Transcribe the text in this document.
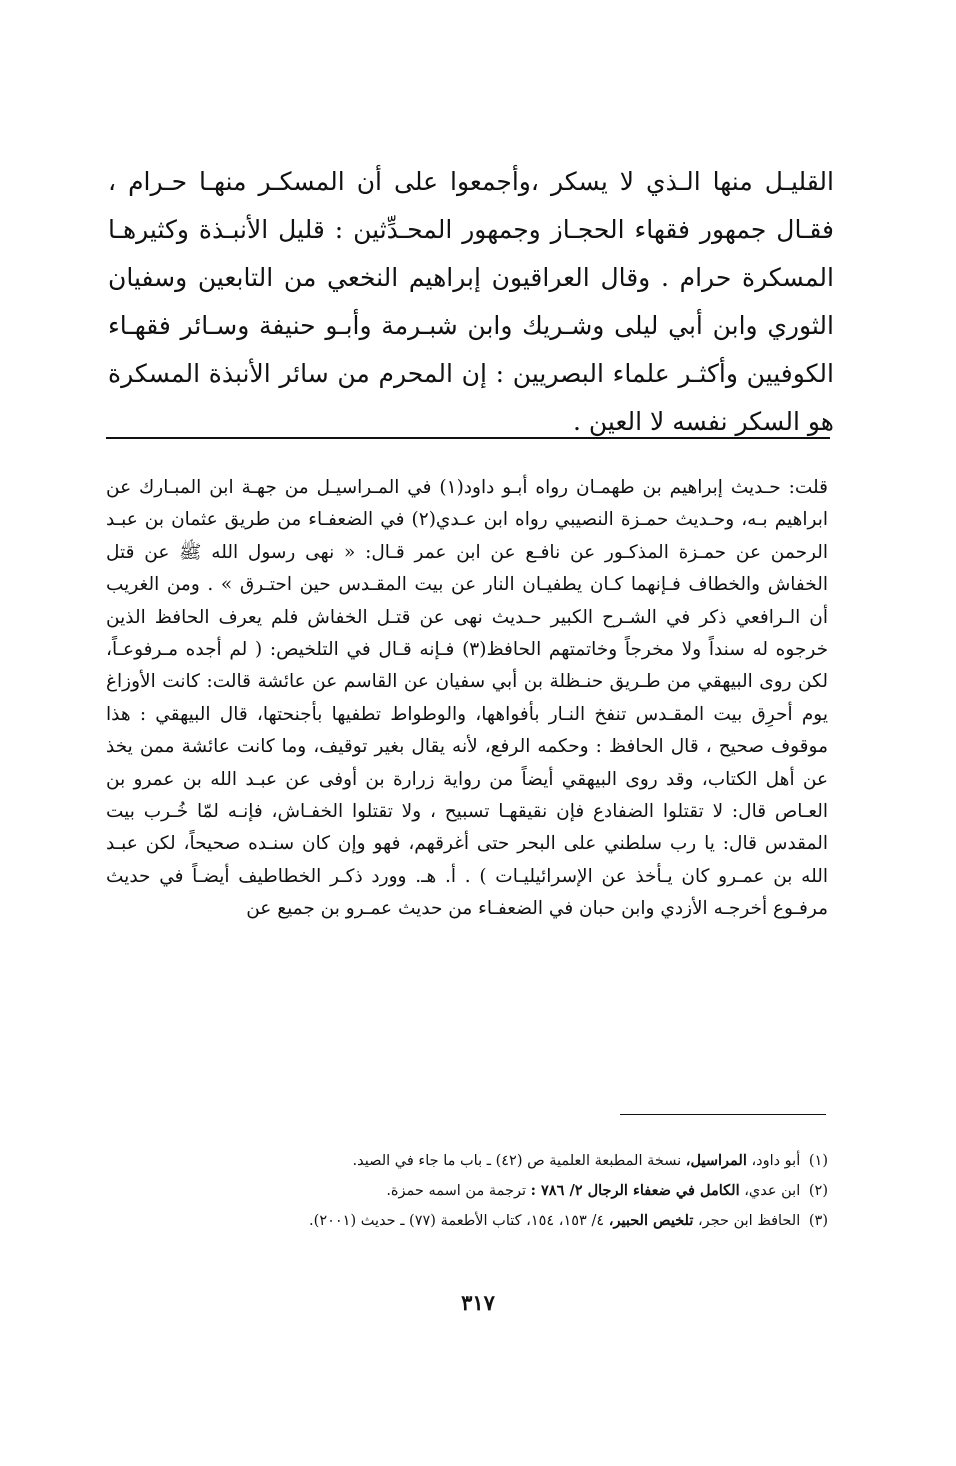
القليـل منها الـذي لا يسكر ،وأجمعوا على أن المسكـر منهـا حـرام ، فقـال جمهور فقهاء الحجـاز وجمهور المحـدِّثين : قليل الأنبـذة وكثيرهـا المسكرة حرام . وقال العراقيون إبراهيم النخعي من التابعين وسفيان الثوري وابن أبي ليلى وشـريك وابن شبـرمة وأبـو حنيفة وسـائر فقهـاء الكوفيين وأكثـر علماء البصريين : إن المحرم من سائر الأنبذة المسكرة هو السكر نفسه لا العين .

قلت: حـديث إبراهيم بن طهمـان رواه أبـو داود(١) في المـراسيـل من جهـة ابن المبـارك عن ابراهيم بـه، وحـديث حمـزة النصيبي رواه ابن عـدي(٢) في الضعفـاء من طريق عثمان بن عبـد الرحمن عن حمـزة المذكـور عن نافـع عن ابن عمر قـال: « نهى رسول الله ﷺ عن قتل الخفاش والخطاف فـإنهما كـان يطفيـان النار عن بيت المقـدس حين احتـرق » . ومن الغريب أن الـرافعي ذكر في الشـرح الكبير حـديث نهى عن قتـل الخفاش فلم يعرف الحافظ الذين خرجوه له سنداً ولا مخرجاً وخاتمتهم الحافظ(٣) فـإنه قـال في التلخيص: ( لم أجده مـرفوعـاً، لكن روى البيهقي من طـريق حنـظلة بن أبي سفيان عن القاسم عن عائشة قالت: كانت الأوزاغ يوم أحرِق بيت المقـدس تنفخ النـار بأفواهها، والوطواط تطفيها بأجنحتها، قال البيهقي : هذا موقوف صحيح ، قال الحافظ : وحكمه الرفع، لأنه يقال بغير توقيف، وما كانت عائشة ممن يخذ عن أهل الكتاب، وقد روى البيهقي أيضاً من رواية زرارة بن أوفى عن عبـد الله بن عمرو بن العـاص قال: لا تقتلوا الضفادع فإن نقيقهـا تسبيح ، ولا تقتلوا الخفـاش، فإنـه لمّا خُـرب بيت المقدس قال: يا رب سلطني على البحر حتى أغرقهم، فهو وإن كان سنـده صحيحاً، لكن عبـد الله بن عمـرو كان يـأخذ عن الإسرائيليـات ) . أ. هـ. وورد ذكـر الخطاطيف أيضـاً في حديث مرفـوع أخرجـه الأزدي وابن حبان في الضعفـاء من حديث عمـرو بن جميع عن

(١) أبو داود، المراسيل، نسخة المطبعة العلمية ص (٤٢) ـ باب ما جاء في الصيد.
(٢) ابن عدي، الكامل في ضعفاء الرجال ٢/ ٧٨٦ : ترجمة من اسمه حمزة.
(٣) الحافظ ابن حجر، تلخيص الحبير، ٤/ ١٥٣، ١٥٤، كتاب الأطعمة (٧٧) ـ حديث (٢٠٠١).
٣١٧
